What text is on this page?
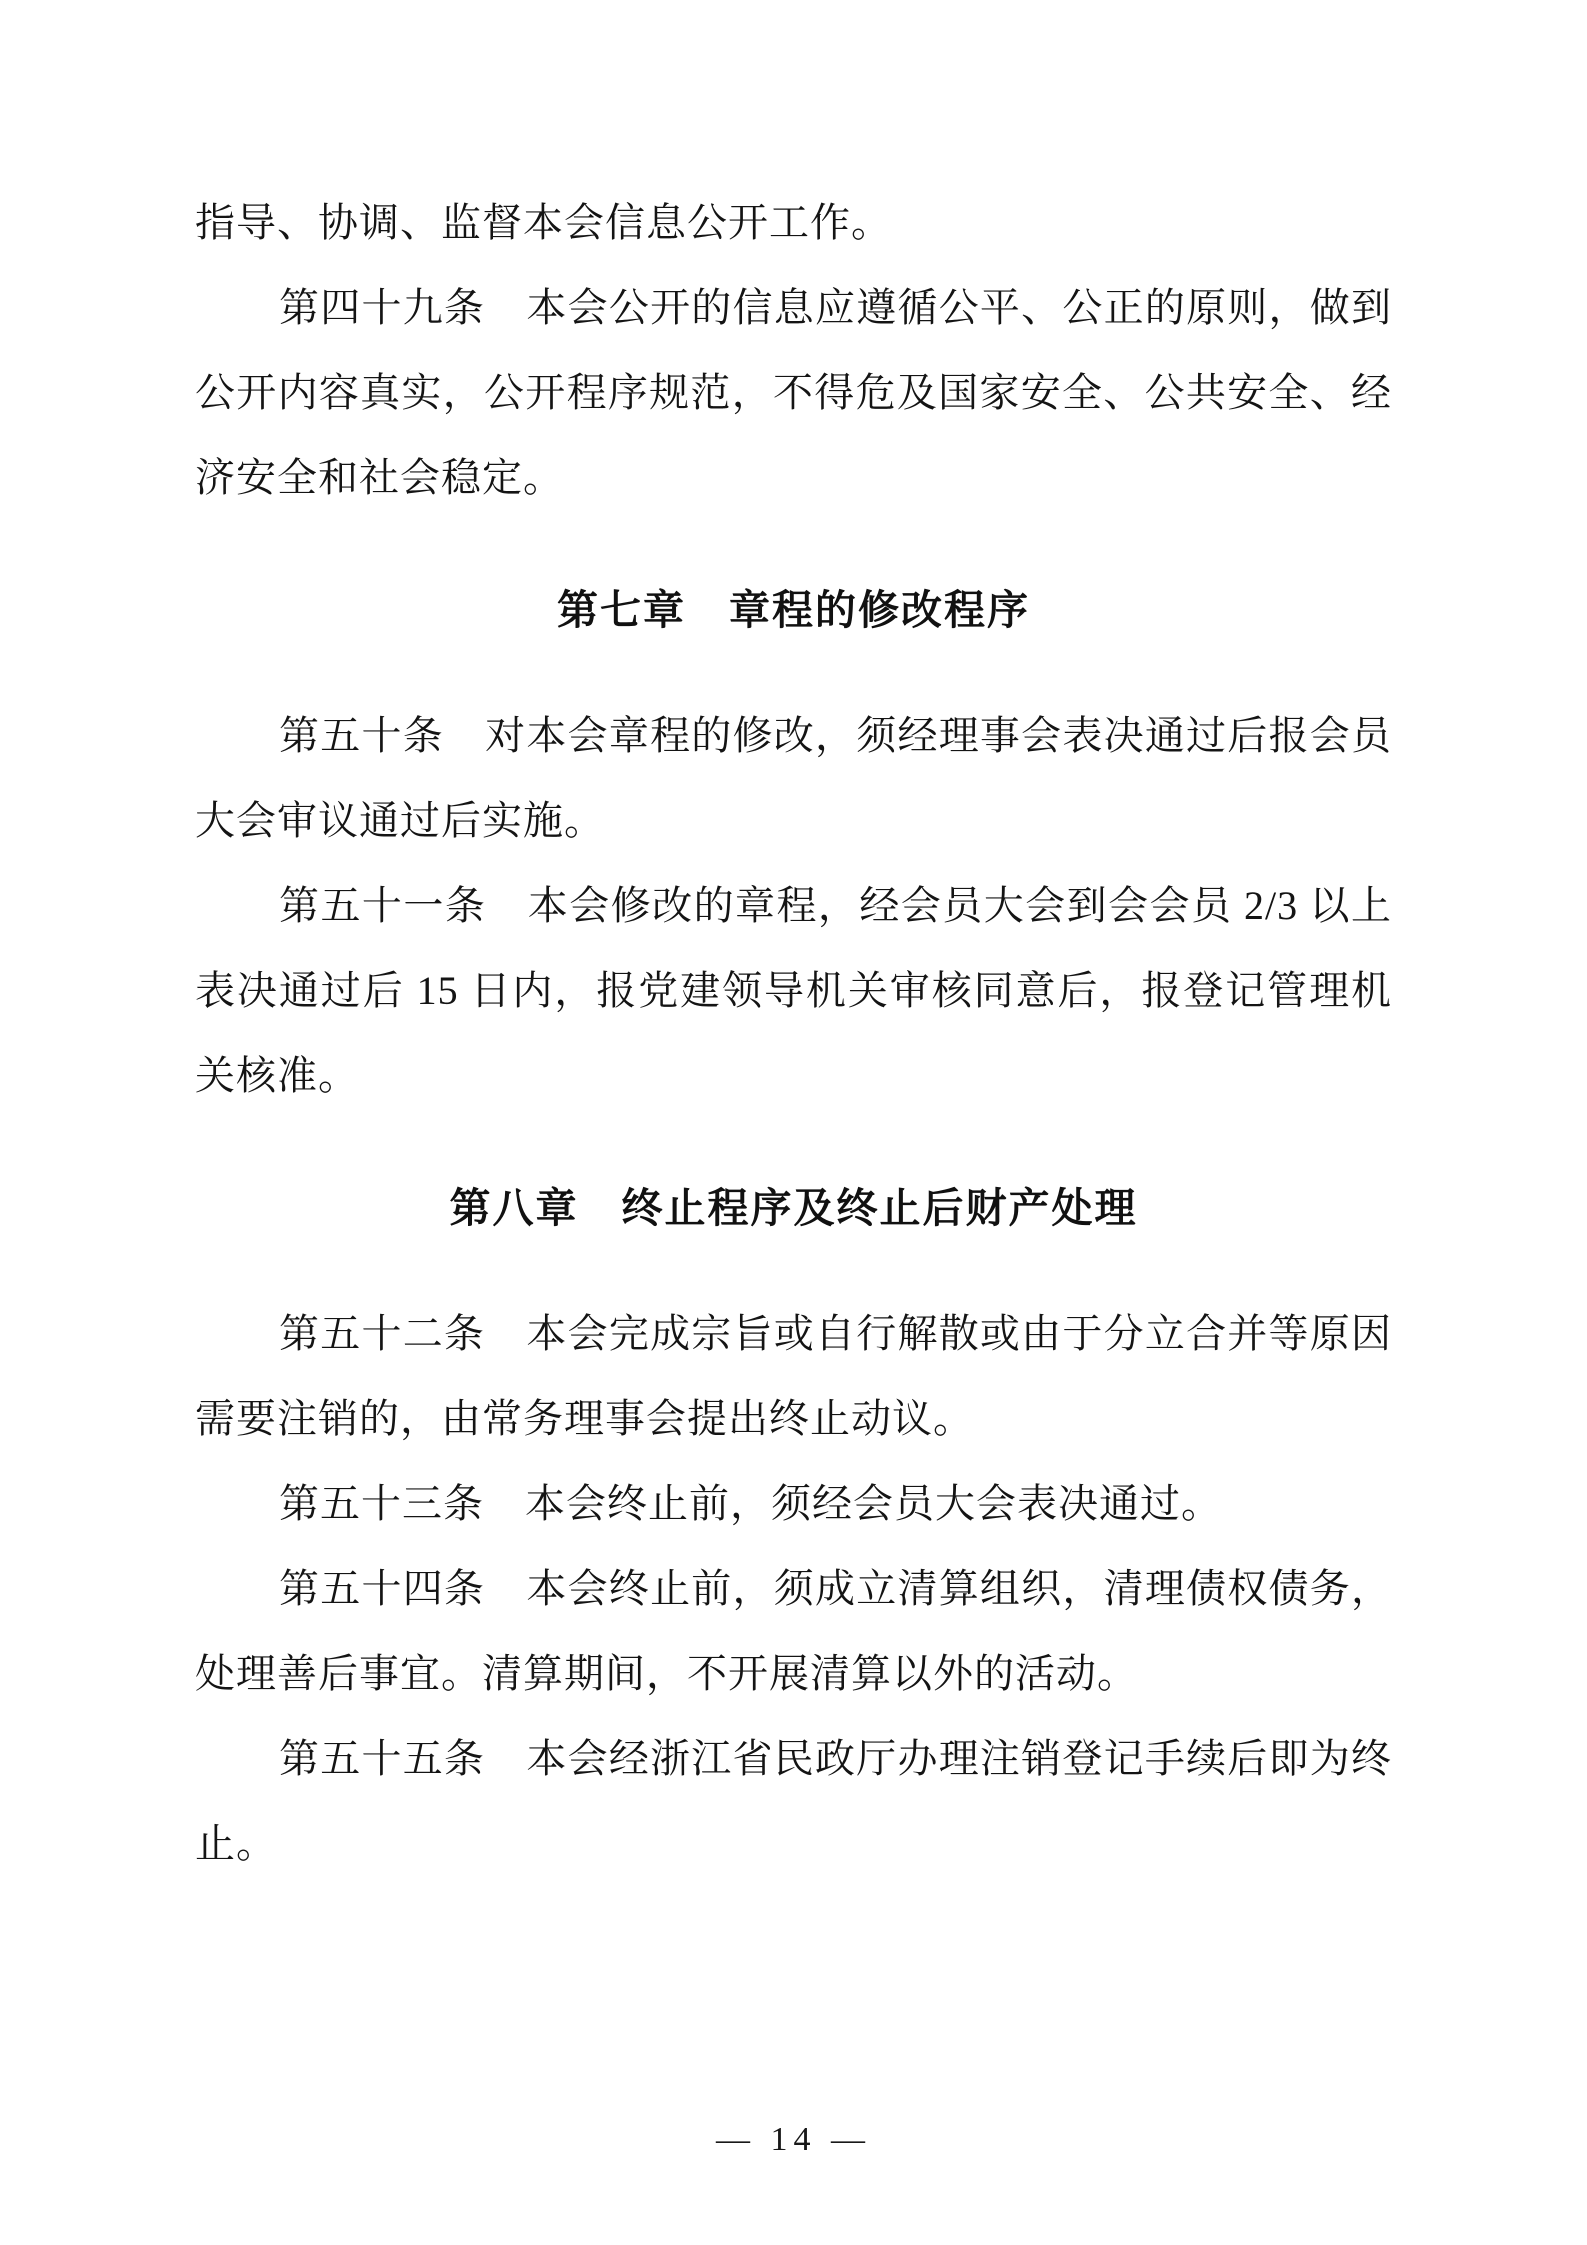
指导、协调、监督本会信息公开工作。

第四十九条　本会公开的信息应遵循公平、公正的原则，做到公开内容真实，公开程序规范，不得危及国家安全、公共安全、经济安全和社会稳定。

第七章　章程的修改程序

第五十条　对本会章程的修改，须经理事会表决通过后报会员大会审议通过后实施。

第五十一条　本会修改的章程，经会员大会到会会员 2/3 以上表决通过后 15 日内，报党建领导机关审核同意后，报登记管理机关核准。

第八章　终止程序及终止后财产处理

第五十二条　本会完成宗旨或自行解散或由于分立合并等原因需要注销的，由常务理事会提出终止动议。

第五十三条　本会终止前，须经会员大会表决通过。

第五十四条　本会终止前，须成立清算组织，清理债权债务，处理善后事宜。清算期间，不开展清算以外的活动。

第五十五条　本会经浙江省民政厅办理注销登记手续后即为终止。

— 14 —
